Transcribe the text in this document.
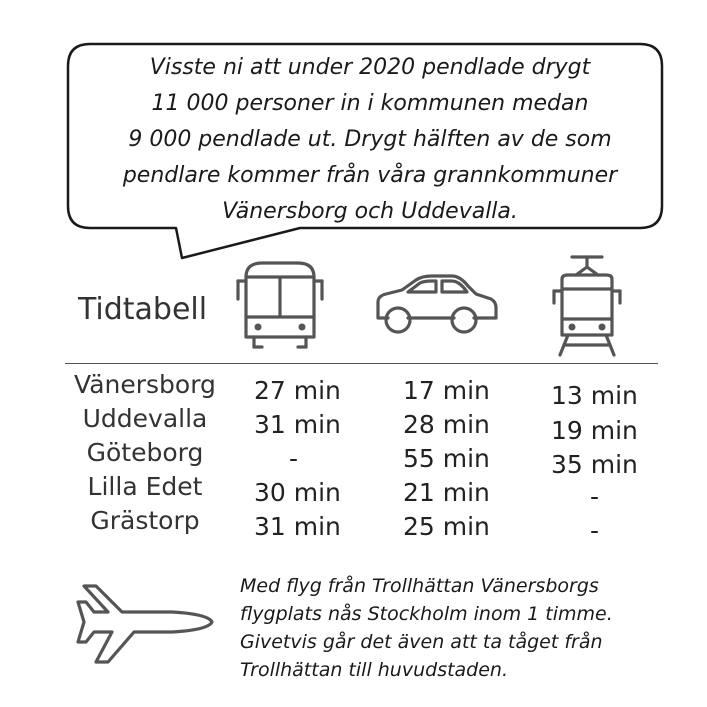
Visste ni att under 2020 pendlade drygt
11 000 personer in i kommunen medan
9 000 pendlade ut. Drygt hälften av de som
pendlare kommer från våra grannkommuner
Vänersborg och Uddevalla.
Tidtabell
Vänersborg
Uddevalla
Göteborg
Lilla Edet
Grästorp
27 min
31 min
-
30 min
31 min
17 min
28 min
55 min
21 min
25 min
13 min
19 min
35 min
-
-
Med flyg från Trollhättan Vänersborgs
flygplats nås Stockholm inom 1 timme.
Givetvis går det även att ta tåget från
Trollhättan till huvudstaden.
